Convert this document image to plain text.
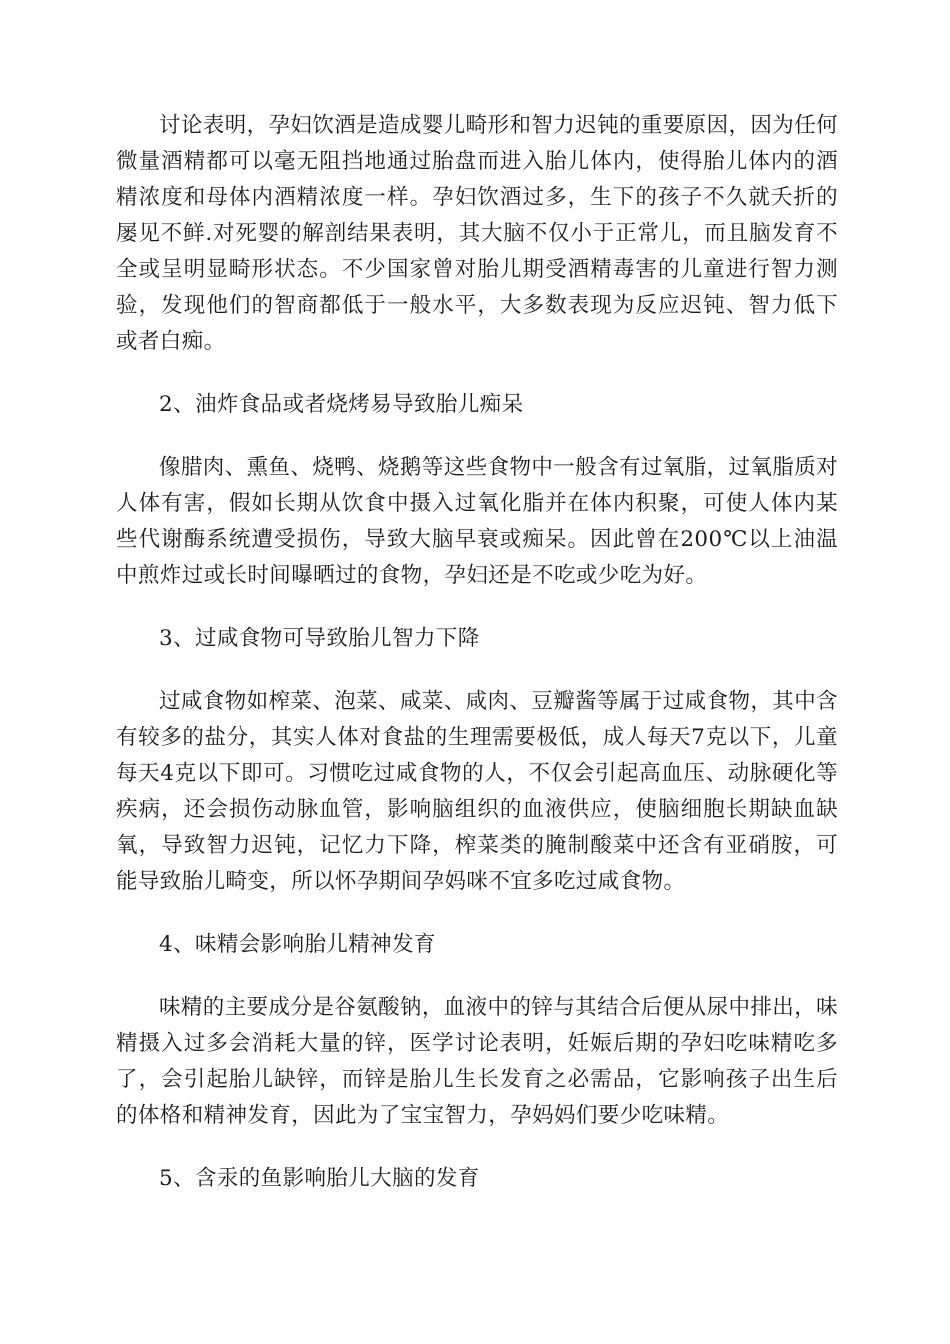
讨论表明，孕妇饮酒是造成婴儿畸形和智力迟钝的重要原因，因为任何微量酒精都可以毫无阻挡地通过胎盘而进入胎儿体内，使得胎儿体内的酒精浓度和母体内酒精浓度一样。孕妇饮酒过多，生下的孩子不久就夭折的屡见不鲜.对死婴的解剖结果表明，其大脑不仅小于正常儿，而且脑发育不全或呈明显畸形状态。不少国家曾对胎儿期受酒精毒害的儿童进行智力测验，发现他们的智商都低于一般水平，大多数表现为反应迟钝、智力低下或者白痴。

2、油炸食品或者烧烤易导致胎儿痴呆

像腊肉、熏鱼、烧鸭、烧鹅等这些食物中一般含有过氧脂，过氧脂质对人体有害，假如长期从饮食中摄入过氧化脂并在体内积聚，可使人体内某些代谢酶系统遭受损伤，导致大脑早衰或痴呆。因此曾在200℃以上油温中煎炸过或长时间曝晒过的食物，孕妇还是不吃或少吃为好。

3、过咸食物可导致胎儿智力下降

过咸食物如榨菜、泡菜、咸菜、咸肉、豆瓣酱等属于过咸食物，其中含有较多的盐分，其实人体对食盐的生理需要极低，成人每天7克以下，儿童每天4克以下即可。习惯吃过咸食物的人，不仅会引起高血压、动脉硬化等疾病，还会损伤动脉血管，影响脑组织的血液供应，使脑细胞长期缺血缺氧，导致智力迟钝，记忆力下降，榨菜类的腌制酸菜中还含有亚硝胺，可能导致胎儿畸变，所以怀孕期间孕妈咪不宜多吃过咸食物。

4、味精会影响胎儿精神发育

味精的主要成分是谷氨酸钠，血液中的锌与其结合后便从尿中排出，味精摄入过多会消耗大量的锌，医学讨论表明，妊娠后期的孕妇吃味精吃多了，会引起胎儿缺锌，而锌是胎儿生长发育之必需品，它影响孩子出生后的体格和精神发育，因此为了宝宝智力，孕妈妈们要少吃味精。

5、含汞的鱼影响胎儿大脑的发育
